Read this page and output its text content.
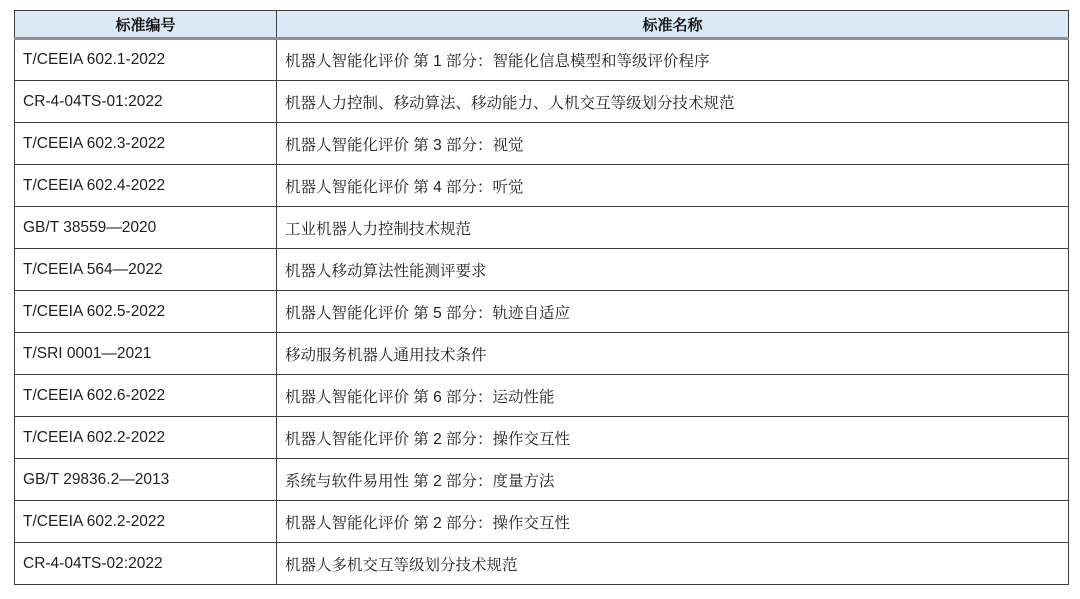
标准编号	标准名称
T/CEEIA 602.1-2022	机器人智能化评价 第 1 部分：智能化信息模型和等级评价程序
CR-4-04TS-01:2022	机器人力控制、移动算法、移动能力、人机交互等级划分技术规范
T/CEEIA 602.3-2022	机器人智能化评价 第 3 部分：视觉
T/CEEIA 602.4-2022	机器人智能化评价 第 4 部分：听觉
GB/T 38559—2020	工业机器人力控制技术规范
T/CEEIA 564—2022	机器人移动算法性能测评要求
T/CEEIA 602.5-2022	机器人智能化评价 第 5 部分：轨迹自适应
T/SRI 0001—2021	移动服务机器人通用技术条件
T/CEEIA 602.6-2022	机器人智能化评价 第 6 部分：运动性能
T/CEEIA 602.2-2022	机器人智能化评价 第 2 部分：操作交互性
GB/T 29836.2—2013	系统与软件易用性 第 2 部分：度量方法
T/CEEIA 602.2-2022	机器人智能化评价 第 2 部分：操作交互性
CR-4-04TS-02:2022	机器人多机交互等级划分技术规范
